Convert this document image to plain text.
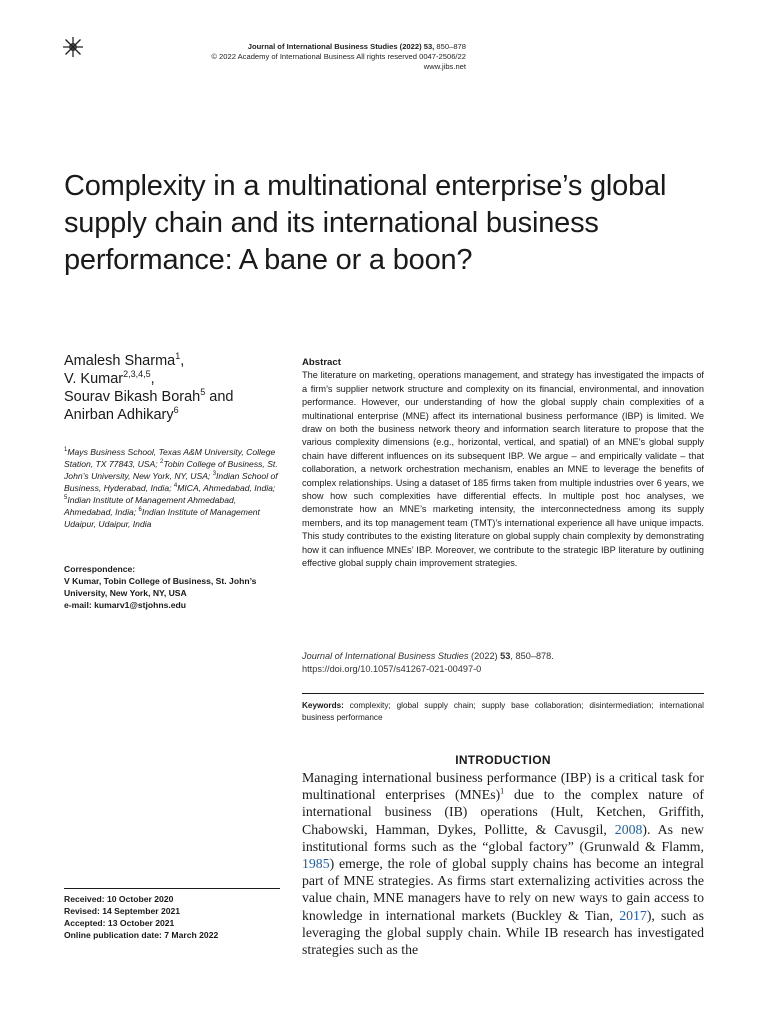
Journal of International Business Studies (2022) 53, 850–878
© 2022 Academy of International Business All rights reserved 0047-2506/22
www.jibs.net
Complexity in a multinational enterprise’s global supply chain and its international business performance: A bane or a boon?
Amalesh Sharma$^1$,
V. Kumar$^{2,3,4,5}$,
Sourav Bikash Borah$^5$ and
Anirban Adhikary$^6$
$^1$Mays Business School, Texas A&M University, College Station, TX 77843, USA; $^2$Tobin College of Business, St. John’s University, New York, NY, USA; $^3$Indian School of Business, Hyderabad, India; $^4$MICA, Ahmedabad, India; $^5$Indian Institute of Management Ahmedabad, Ahmedabad, India; $^6$Indian Institute of Management Udaipur, Udaipur, India
Correspondence:
V Kumar, Tobin College of Business, St. John’s University, New York, NY, USA
e-mail: kumarv1@stjohns.edu
Abstract
The literature on marketing, operations management, and strategy has investigated the impacts of a firm’s supplier network structure and complexity on its financial, environmental, and innovation performance. However, our understanding of how the global supply chain complexities of a multinational enterprise (MNE) affect its international business performance (IBP) is limited. We draw on both the business network theory and information search literature to propose that the various complexity dimensions (e.g., horizontal, vertical, and spatial) of an MNE’s global supply chain have different influences on its subsequent IBP. We argue – and empirically validate – that collaboration, a network orchestration mechanism, enables an MNE to leverage the benefits of complex relationships. Using a dataset of 185 firms taken from multiple industries over 6 years, we show how such complexities have differential effects. In multiple post hoc analyses, we demonstrate how an MNE’s marketing intensity, the interconnectedness among its supply members, and its top management team (TMT)’s international experience all have unique impacts. This study contributes to the existing literature on global supply chain complexity by demonstrating how it can influence MNEs’ IBP. Moreover, we contribute to the strategic IBP literature by outlining effective global supply chain improvement strategies.
Journal of International Business Studies (2022) 53, 850–878.
https://doi.org/10.1057/s41267-021-00497-0
Keywords: complexity; global supply chain; supply base collaboration; disintermediation; international business performance
INTRODUCTION
Managing international business performance (IBP) is a critical task for multinational enterprises (MNEs)$^1$ due to the complex nature of international business (IB) operations (Hult, Ketchen, Griffith, Chabowski, Hamman, Dykes, Pollitte, & Cavusgil, 2008). As new institutional forms such as the “global factory” (Grunwald & Flamm, 1985) emerge, the role of global supply chains has become an integral part of MNE strategies. As firms start externalizing activities across the value chain, MNE managers have to rely on new ways to gain access to knowledge in international markets (Buckley & Tian, 2017), such as leveraging the global supply chain. While IB research has investigated strategies such as the
Received: 10 October 2020
Revised: 14 September 2021
Accepted: 13 October 2021
Online publication date: 7 March 2022
